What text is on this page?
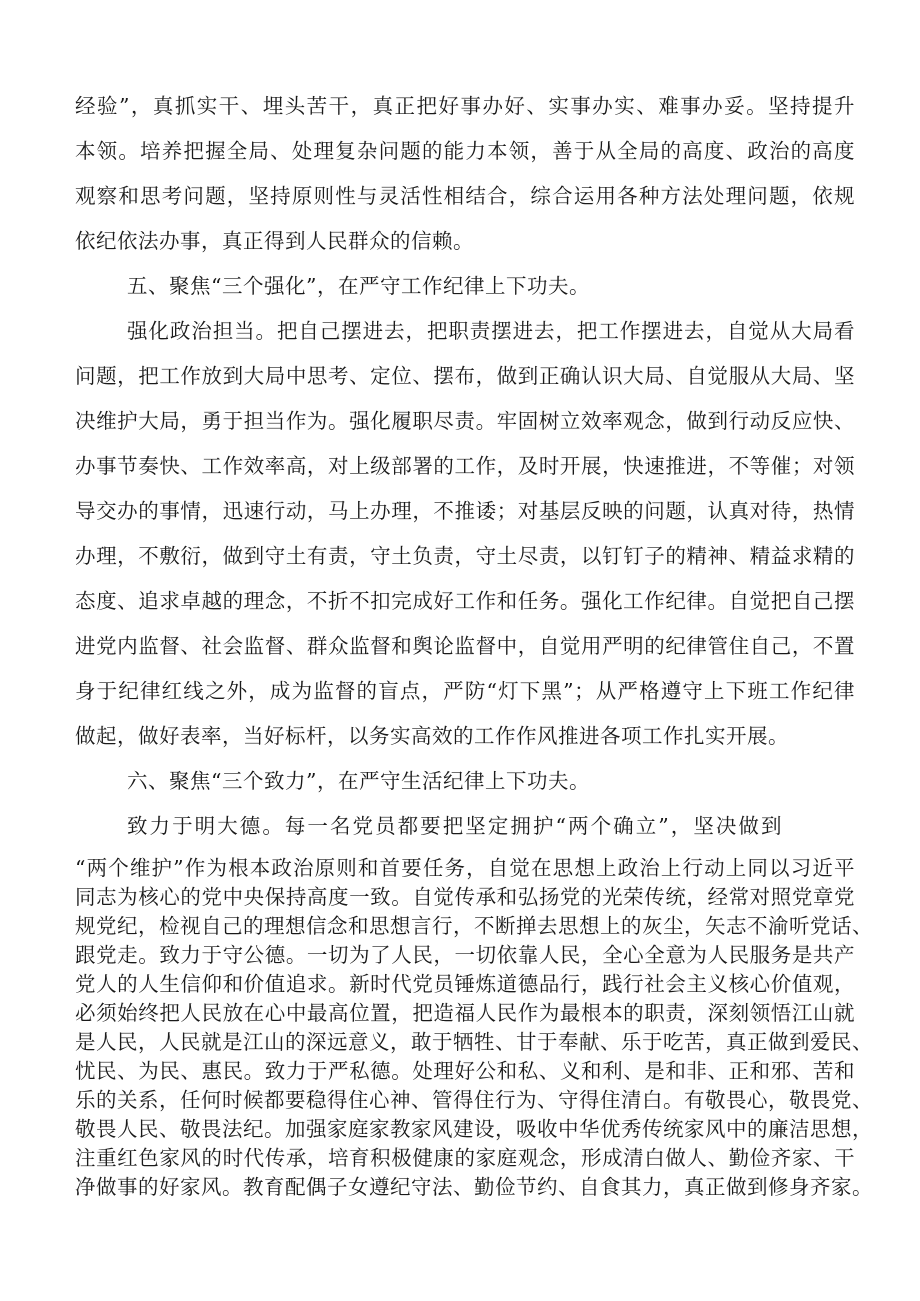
经验”，真抓实干、埋头苦干，真正把好事办好、实事办实、难事办妥。坚持提升
本领。培养把握全局、处理复杂问题的能力本领，善于从全局的高度、政治的高度
观察和思考问题，坚持原则性与灵活性相结合，综合运用各种方法处理问题，依规
依纪依法办事，真正得到人民群众的信赖。
五、聚焦“三个强化”，在严守工作纪律上下功夫。
强化政治担当。把自己摆进去，把职责摆进去，把工作摆进去，自觉从大局看
问题，把工作放到大局中思考、定位、摆布，做到正确认识大局、自觉服从大局、坚
决维护大局，勇于担当作为。强化履职尽责。牢固树立效率观念，做到行动反应快、
办事节奏快、工作效率高，对上级部署的工作，及时开展，快速推进，不等催；对领
导交办的事情，迅速行动，马上办理，不推诿；对基层反映的问题，认真对待，热情
办理，不敷衍，做到守土有责，守土负责，守土尽责，以钉钉子的精神、精益求精的
态度、追求卓越的理念，不折不扣完成好工作和任务。强化工作纪律。自觉把自己摆
进党内监督、社会监督、群众监督和舆论监督中，自觉用严明的纪律管住自己，不置
身于纪律红线之外，成为监督的盲点，严防“灯下黑”；从严格遵守上下班工作纪律
做起，做好表率，当好标杆，以务实高效的工作作风推进各项工作扎实开展。
六、聚焦“三个致力”，在严守生活纪律上下功夫。
致力于明大德。每一名党员都要把坚定拥护“两个确立”，坚决做到
“两个维护”作为根本政治原则和首要任务，自觉在思想上政治上行动上同以习近平
同志为核心的党中央保持高度一致。自觉传承和弘扬党的光荣传统，经常对照党章党
规党纪，检视自己的理想信念和思想言行，不断掸去思想上的灰尘，矢志不渝听党话、
跟党走。致力于守公德。一切为了人民，一切依靠人民，全心全意为人民服务是共产
党人的人生信仰和价值追求。新时代党员锤炼道德品行，践行社会主义核心价值观，
必须始终把人民放在心中最高位置，把造福人民作为最根本的职责，深刻领悟江山就
是人民，人民就是江山的深远意义，敢于牺牲、甘于奉献、乐于吃苦，真正做到爱民、
忧民、为民、惠民。致力于严私德。处理好公和私、义和利、是和非、正和邪、苦和
乐的关系，任何时候都要稳得住心神、管得住行为、守得住清白。有敬畏心，敬畏党、
敬畏人民、敬畏法纪。加强家庭家教家风建设，吸收中华优秀传统家风中的廉洁思想，
注重红色家风的时代传承，培育积极健康的家庭观念，形成清白做人、勤俭齐家、干
净做事的好家风。教育配偶子女遵纪守法、勤俭节约、自食其力，真正做到修身齐家。
